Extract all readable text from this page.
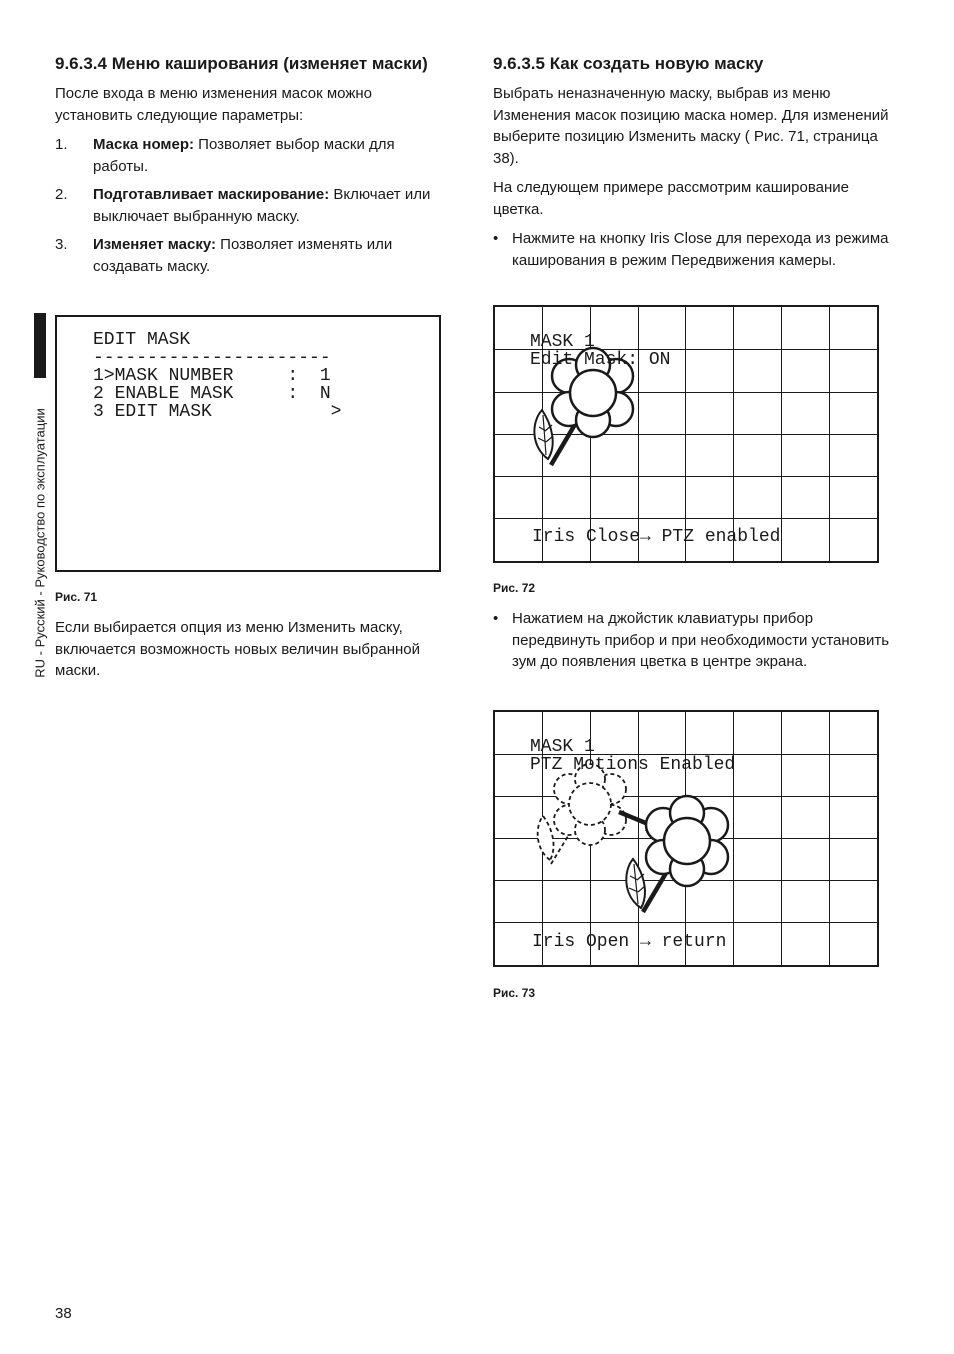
RU - Русский - Руководство по эксплуатации
9.6.3.4 Меню каширования (изменяет маски)

После входа в меню изменения масок можно установить следующие параметры:

1. Маска номер: Позволяет выбор маски для работы.
2. Подготавливает маскирование: Включает или выключает выбранную маску.
3. Изменяет маску: Позволяет изменять или создавать маску.
EDIT MASK
----------------------
1>MASK NUMBER     :  1
2 ENABLE MASK     :  N
3 EDIT MASK           >
Рис. 71

Если выбирается опция из меню Изменить маску, включается возможность новых величин выбранной маски.

9.6.3.5 Как создать новую маску

Выбрать неназначенную маску, выбрав из меню Изменения масок позицию маска номер. Для изменений выберите позицию Изменить маску ( Рис. 71, страница 38).

На следующем примере рассмотрим каширование цветка.

• Нажмите на кнопку Iris Close для перехода из режима каширования в режим Передвижения камеры.
MASK 1
Edit Mask: ON
Iris Close→ PTZ enabled
Рис. 72
• Нажатием на джойстик клавиатуры прибор передвинуть прибор и при необходимости установить зум до появления цветка в центре экрана.
MASK 1
PTZ Motions Enabled
Iris Open → return
Рис. 73
38
